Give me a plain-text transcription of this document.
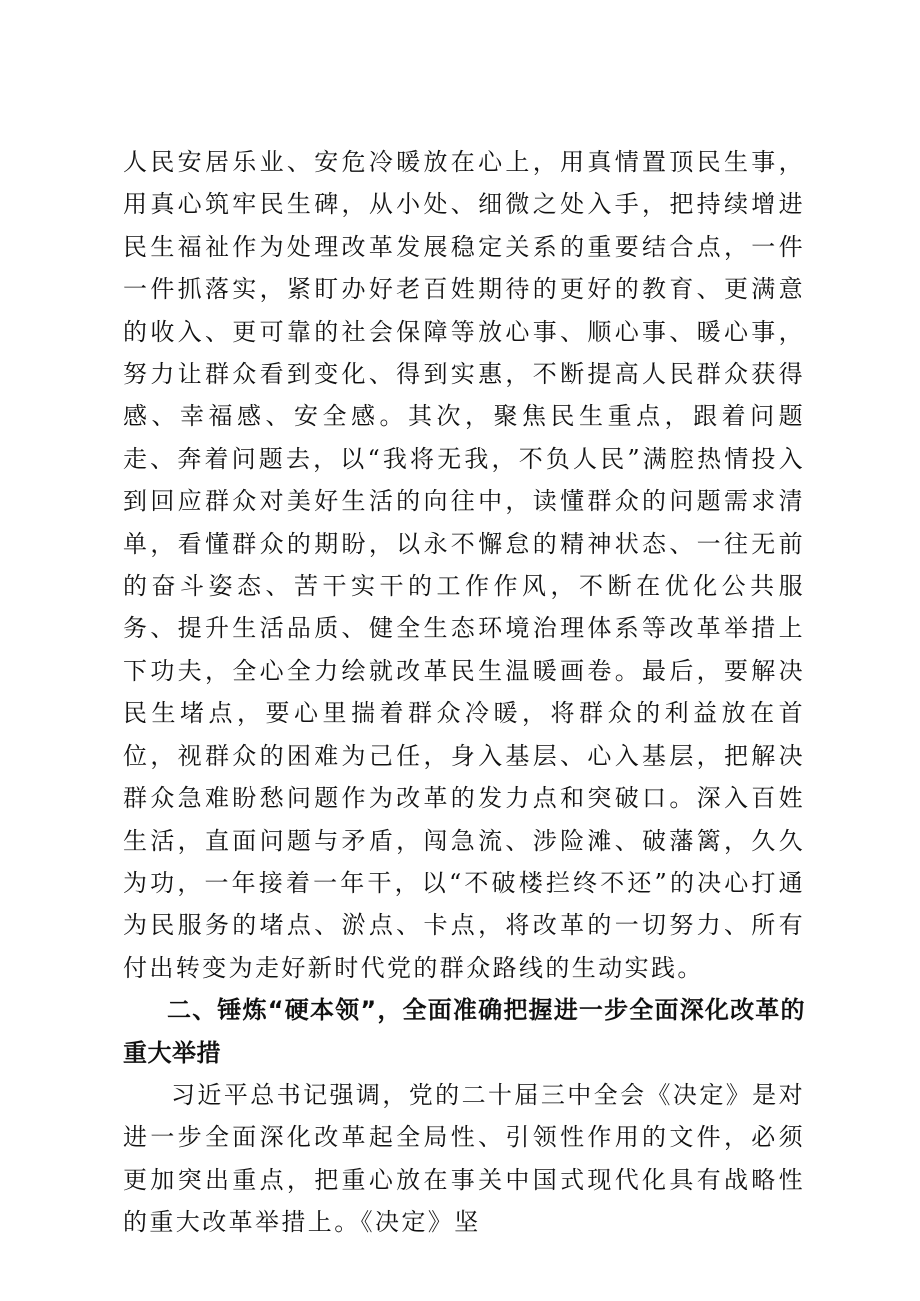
人民安居乐业、安危冷暖放在心上，用真情置顶民生事，用真心筑牢民生碑，从小处、细微之处入手，把持续增进民生福祉作为处理改革发展稳定关系的重要结合点，一件一件抓落实，紧盯办好老百姓期待的更好的教育、更满意的收入、更可靠的社会保障等放心事、顺心事、暖心事，努力让群众看到变化、得到实惠，不断提高人民群众获得感、幸福感、安全感。其次，聚焦民生重点，跟着问题走、奔着问题去，以“我将无我，不负人民”满腔热情投入到回应群众对美好生活的向往中，读懂群众的问题需求清单，看懂群众的期盼，以永不懈怠的精神状态、一往无前的奋斗姿态、苦干实干的工作作风，不断在优化公共服务、提升生活品质、健全生态环境治理体系等改革举措上下功夫，全心全力绘就改革民生温暖画卷。最后，要解决民生堵点，要心里揣着群众冷暖，将群众的利益放在首位，视群众的困难为己任，身入基层、心入基层，把解决群众急难盼愁问题作为改革的发力点和突破口。深入百姓生活，直面问题与矛盾，闯急流、涉险滩、破藩篱，久久为功，一年接着一年干，以“不破楼拦终不还”的决心打通为民服务的堵点、淤点、卡点，将改革的一切努力、所有付出转变为走好新时代党的群众路线的生动实践。

二、锤炼“硬本领”，全面准确把握进一步全面深化改革的重大举措

习近平总书记强调，党的二十届三中全会《决定》是对进一步全面深化改革起全局性、引领性作用的文件，必须更加突出重点，把重心放在事关中国式现代化具有战略性的重大改革举措上。《决定》坚
